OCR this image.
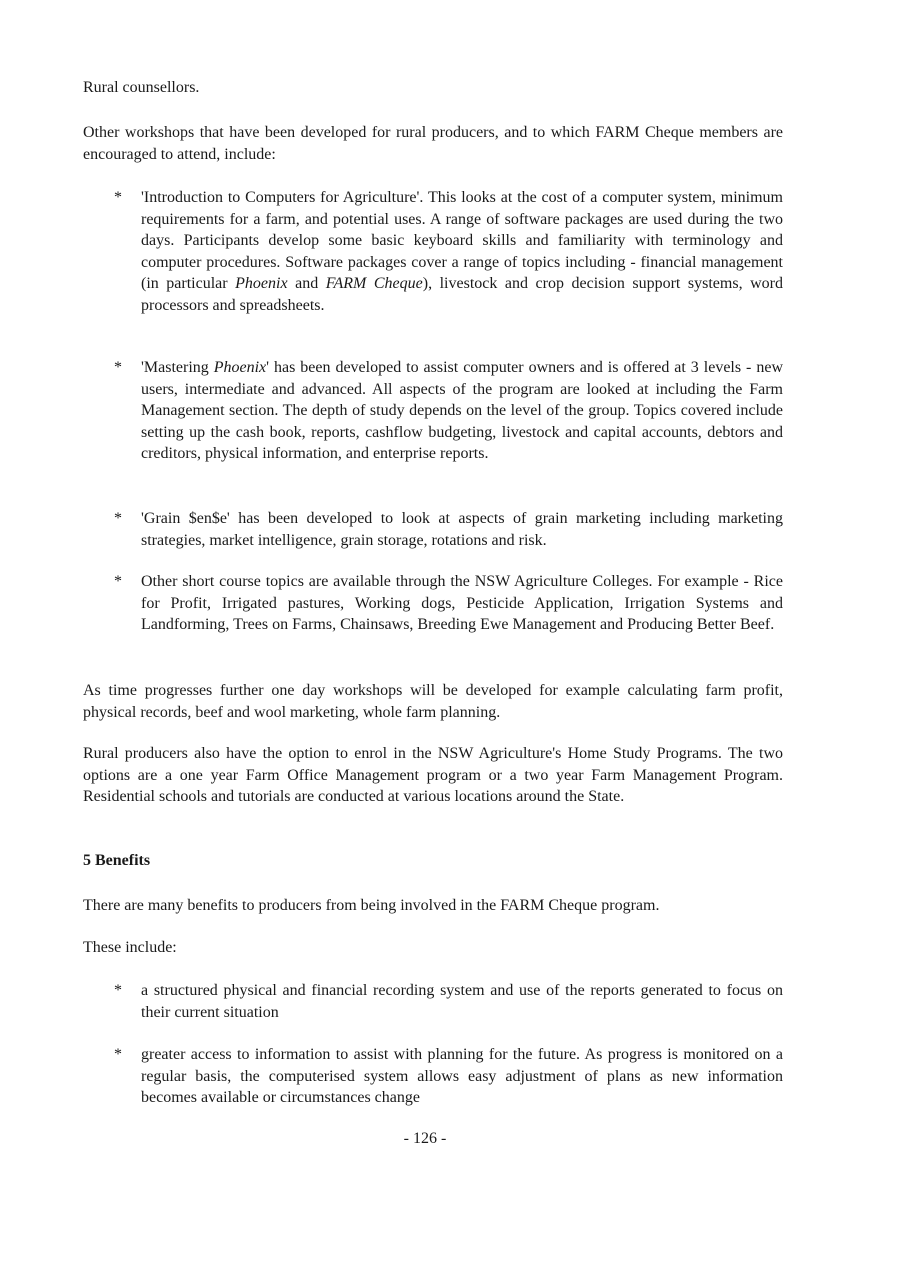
Rural counsellors.

Other workshops that have been developed for rural producers, and to which FARM Cheque members are encouraged to attend, include:

* 'Introduction to Computers for Agriculture'. This looks at the cost of a computer system, minimum requirements for a farm, and potential uses. A range of software packages are used during the two days. Participants develop some basic keyboard skills and familiarity with terminology and computer procedures. Software packages cover a range of topics including - financial management (in particular Phoenix and FARM Cheque), livestock and crop decision support systems, word processors and spreadsheets.

* 'Mastering Phoenix' has been developed to assist computer owners and is offered at 3 levels - new users, intermediate and advanced. All aspects of the program are looked at including the Farm Management section. The depth of study depends on the level of the group. Topics covered include setting up the cash book, reports, cashflow budgeting, livestock and capital accounts, debtors and creditors, physical information, and enterprise reports.

* 'Grain $en$e' has been developed to look at aspects of grain marketing including marketing strategies, market intelligence, grain storage, rotations and risk.

* Other short course topics are available through the NSW Agriculture Colleges. For example - Rice for Profit, Irrigated pastures, Working dogs, Pesticide Application, Irrigation Systems and Landforming, Trees on Farms, Chainsaws, Breeding Ewe Management and Producing Better Beef.

As time progresses further one day workshops will be developed for example calculating farm profit, physical records, beef and wool marketing, whole farm planning.

Rural producers also have the option to enrol in the NSW Agriculture's Home Study Programs. The two options are a one year Farm Office Management program or a two year Farm Management Program. Residential schools and tutorials are conducted at various locations around the State.

5 Benefits

There are many benefits to producers from being involved in the FARM Cheque program.

These include:

* a structured physical and financial recording system and use of the reports generated to focus on their current situation

* greater access to information to assist with planning for the future. As progress is monitored on a regular basis, the computerised system allows easy adjustment of plans as new information becomes available or circumstances change

- 126 -
